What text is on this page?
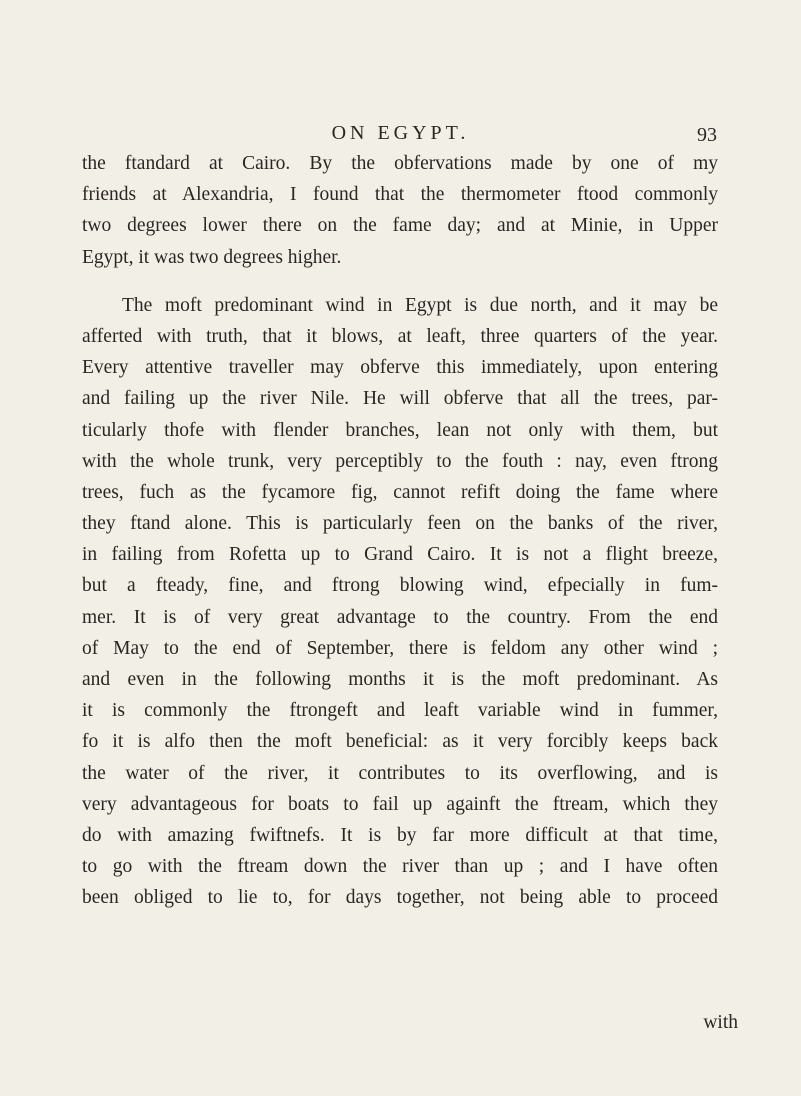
ON EGYPT.	93
the ftandard at Cairo. By the obfervations made by one of my
friends at Alexandria, I found that the thermometer ftood commonly
two degrees lower there on the fame day; and at Minie, in Upper
Egypt, it was two degrees higher.
The moft predominant wind in Egypt is due north, and it may be
afferted with truth, that it blows, at leaft, three quarters of the year.
Every attentive traveller may obferve this immediately, upon entering
and failing up the river Nile. He will obferve that all the trees, par-
ticularly thofe with flender branches, lean not only with them, but
with the whole trunk, very perceptibly to the fouth : nay, even ftrong
trees, fuch as the fycamore fig, cannot refift doing the fame where
they ftand alone. This is particularly feen on the banks of the river,
in failing from Rofetta up to Grand Cairo. It is not a flight breeze,
but a fteady, fine, and ftrong blowing wind, efpecially in fum-
mer. It is of very great advantage to the country. From the end
of May to the end of September, there is feldom any other wind ;
and even in the following months it is the moft predominant. As
it is commonly the ftrongeft and leaft variable wind in fummer,
fo it is alfo then the moft beneficial: as it very forcibly keeps back
the water of the river, it contributes to its overflowing, and is
very advantageous for boats to fail up againft the ftream, which they
do with amazing fwiftnefs. It is by far more difficult at that time,
to go with the ftream down the river than up ; and I have often
been obliged to lie to, for days together, not being able to proceed
with
